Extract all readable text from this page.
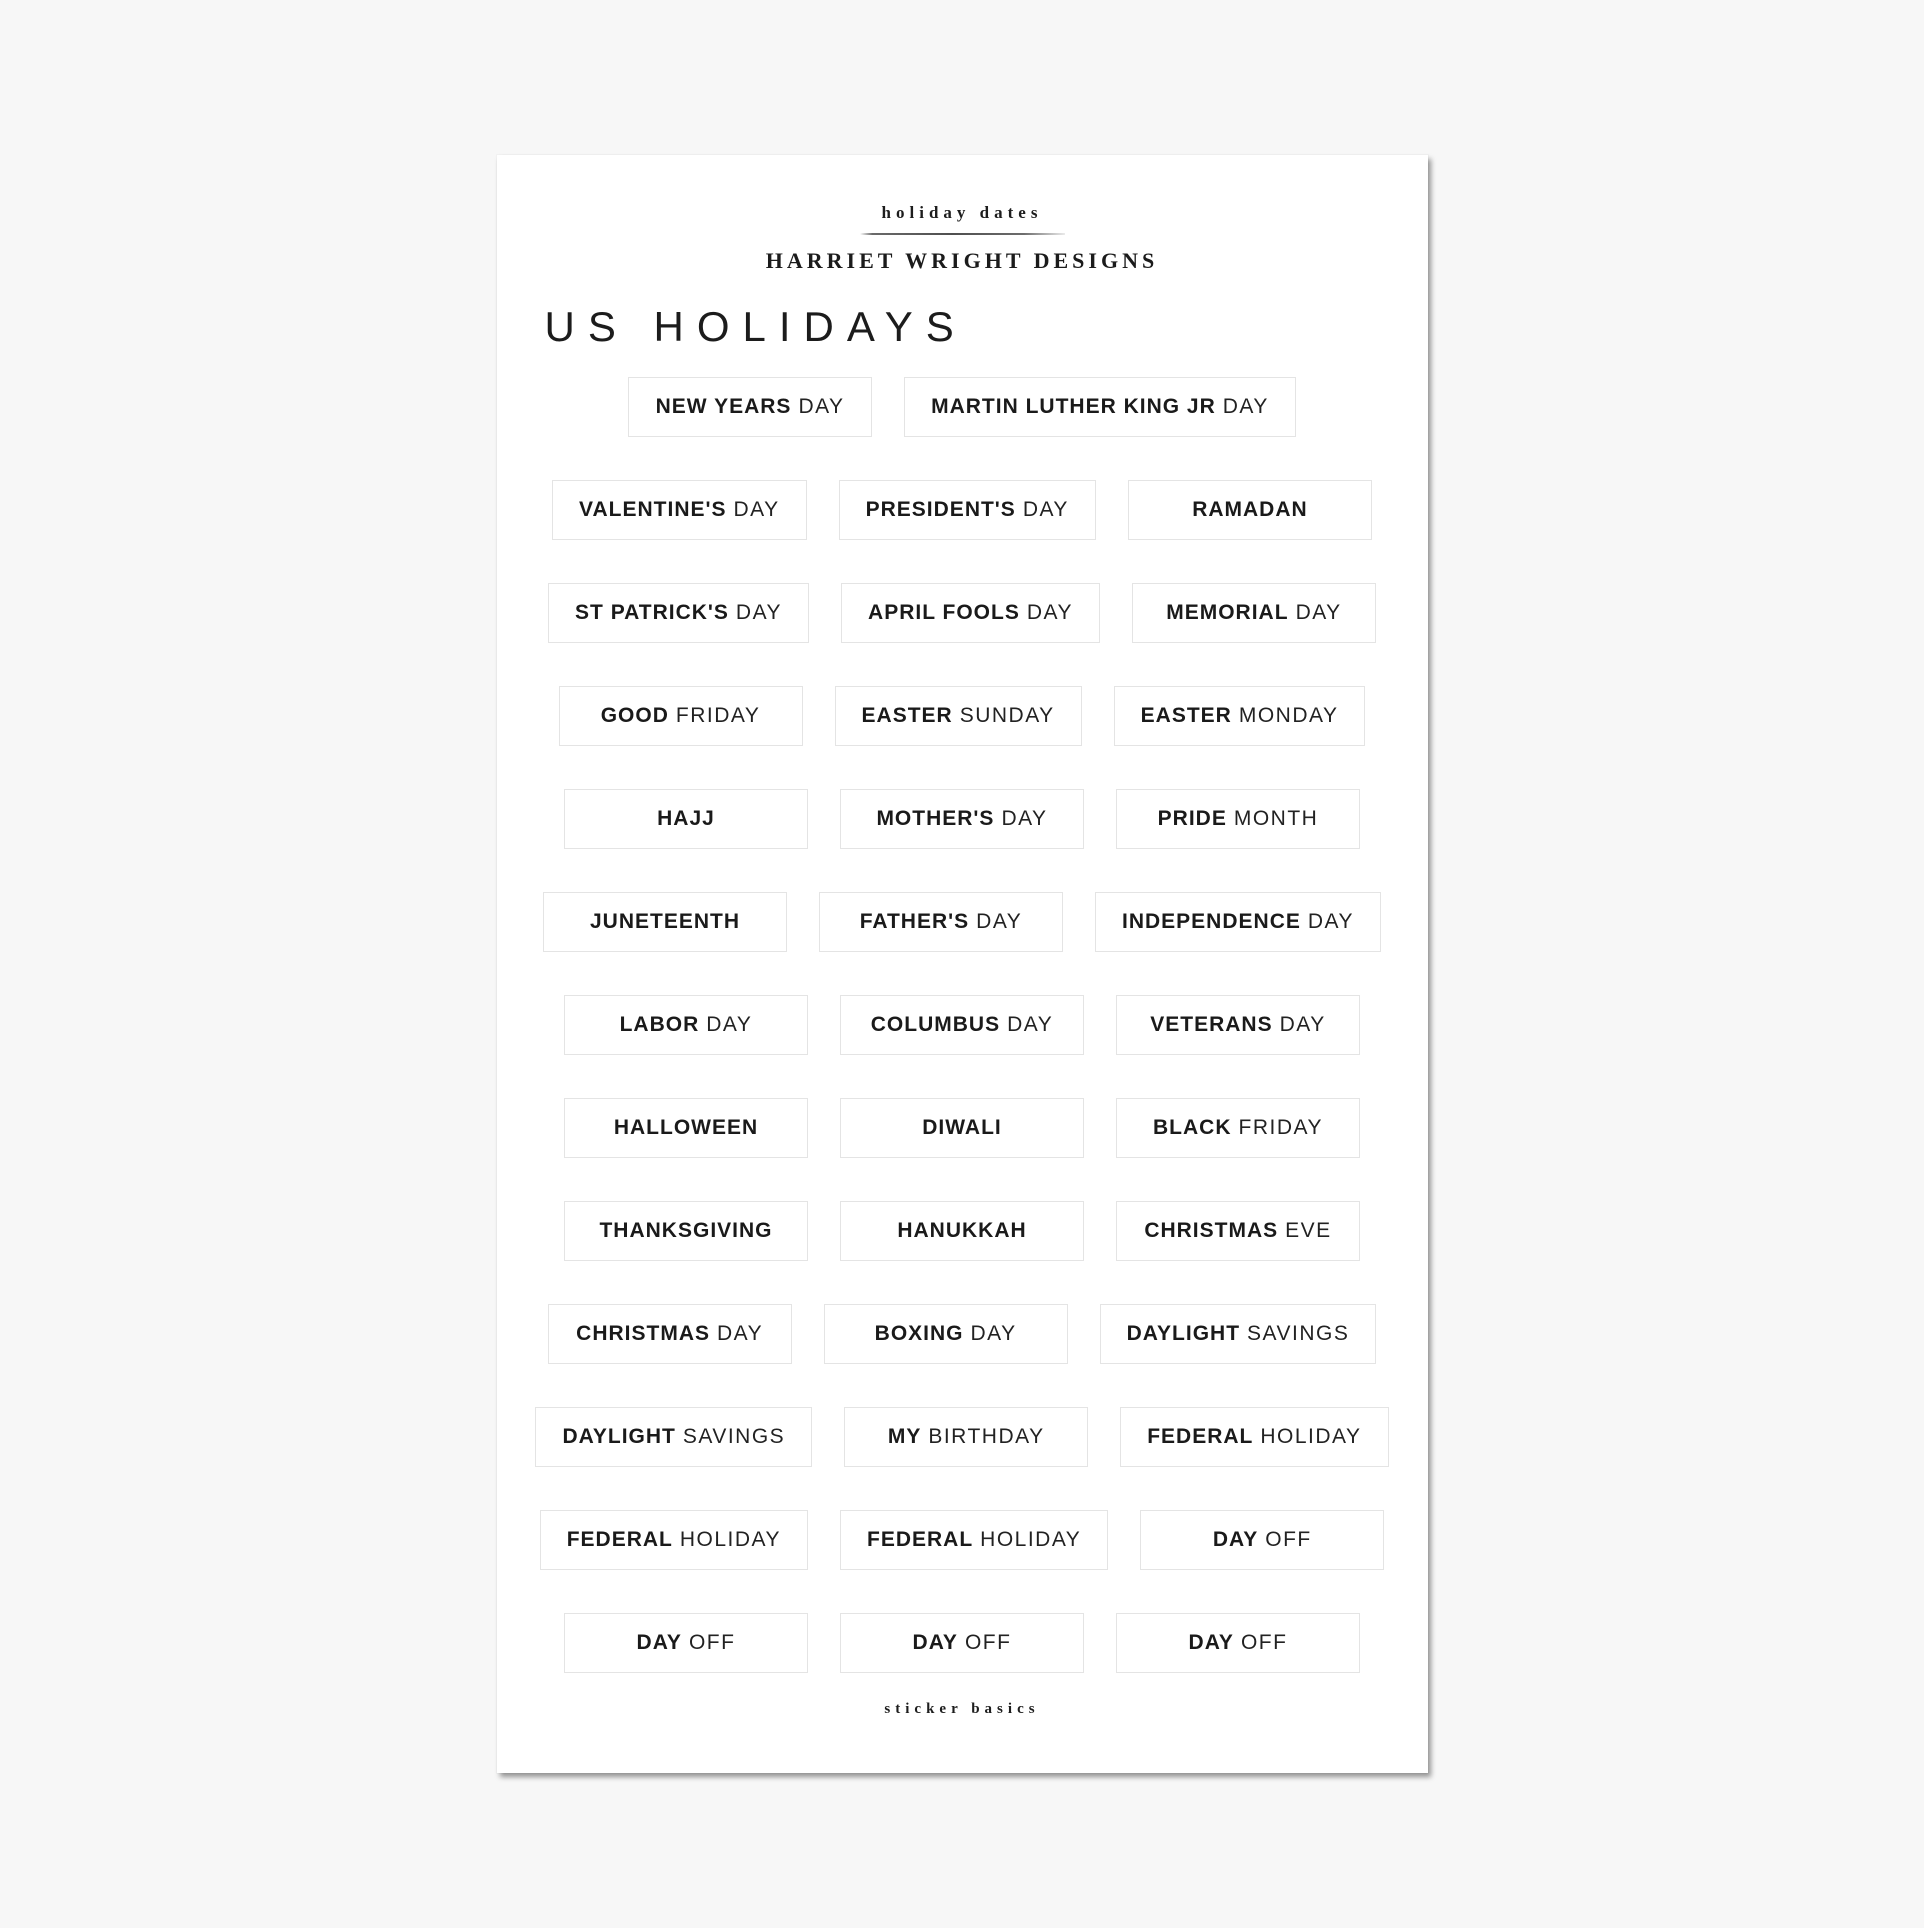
holiday dates
HARRIET WRIGHT DESIGNS
US HOLIDAYS
NEW YEARS DAY	MARTIN LUTHER KING JR DAY
VALENTINE'S DAY	PRESIDENT'S DAY	RAMADAN
ST PATRICK'S DAY	APRIL FOOLS DAY	MEMORIAL DAY
GOOD FRIDAY	EASTER SUNDAY	EASTER MONDAY
HAJJ	MOTHER'S DAY	PRIDE MONTH
JUNETEENTH	FATHER'S DAY	INDEPENDENCE DAY
LABOR DAY	COLUMBUS DAY	VETERANS DAY
HALLOWEEN	DIWALI	BLACK FRIDAY
THANKSGIVING	HANUKKAH	CHRISTMAS EVE
CHRISTMAS DAY	BOXING DAY	DAYLIGHT SAVINGS
DAYLIGHT SAVINGS	MY BIRTHDAY	FEDERAL HOLIDAY
FEDERAL HOLIDAY	FEDERAL HOLIDAY	DAY OFF
DAY OFF	DAY OFF	DAY OFF
sticker basics
